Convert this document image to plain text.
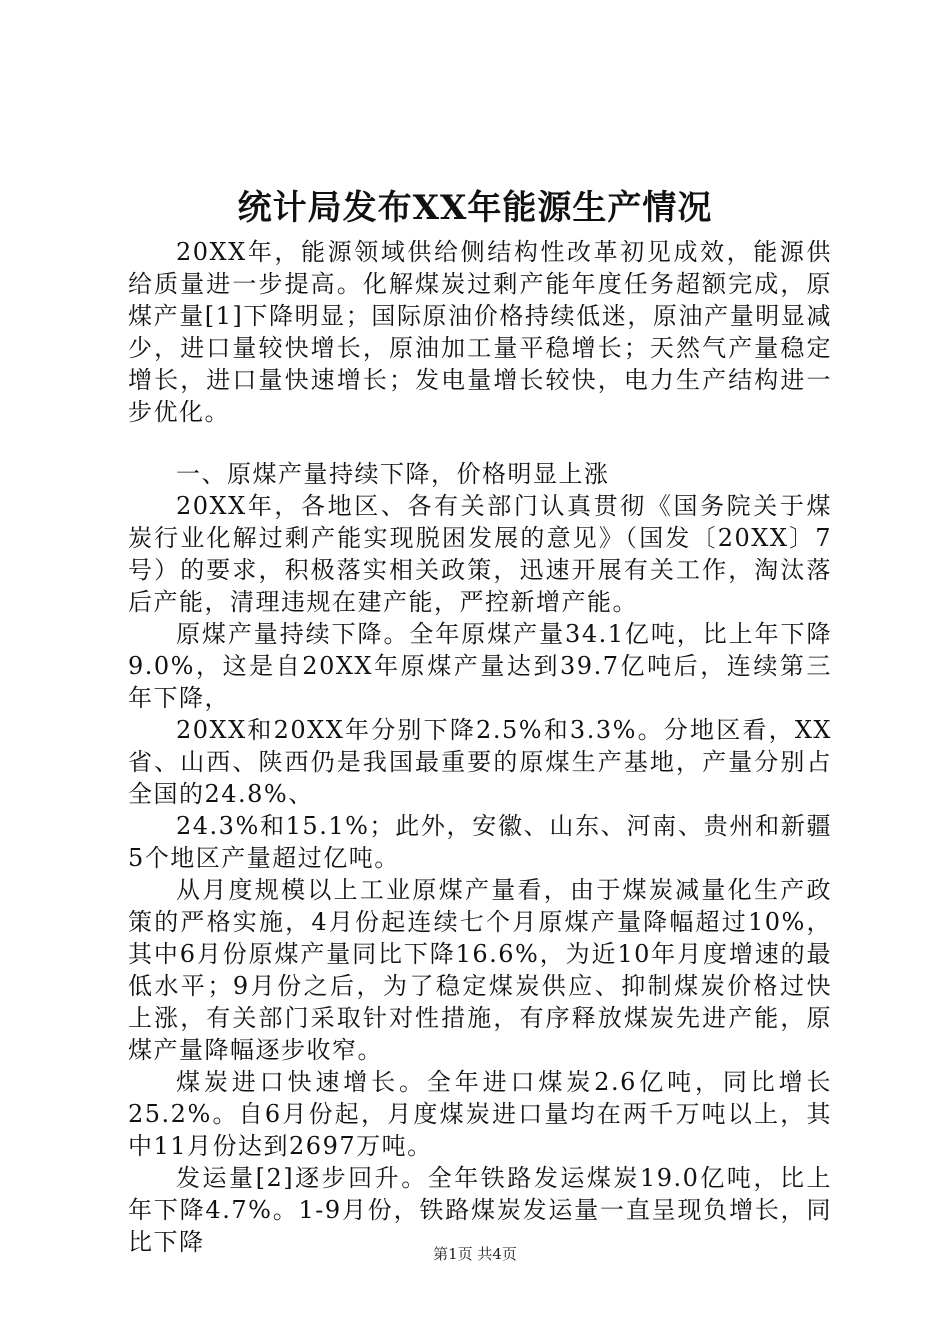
统计局发布XX年能源生产情况

20XX年，能源领域供给侧结构性改革初见成效，能源供给质量进一步提高。化解煤炭过剩产能年度任务超额完成，原煤产量[1]下降明显；国际原油价格持续低迷，原油产量明显减少，进口量较快增长，原油加工量平稳增长；天然气产量稳定增长，进口量快速增长；发电量增长较快，电力生产结构进一步优化。

一、原煤产量持续下降，价格明显上涨

20XX年，各地区、各有关部门认真贯彻《国务院关于煤炭行业化解过剩产能实现脱困发展的意见》（国发〔20XX〕7号）的要求，积极落实相关政策，迅速开展有关工作，淘汰落后产能，清理违规在建产能，严控新增产能。

原煤产量持续下降。全年原煤产量34.1亿吨，比上年下降9.0%，这是自20XX年原煤产量达到39.7亿吨后，连续第三年下降，

20XX和20XX年分别下降2.5%和3.3%。分地区看，XX省、山西、陕西仍是我国最重要的原煤生产基地，产量分别占全国的24.8%、

24.3%和15.1%；此外，安徽、山东、河南、贵州和新疆5个地区产量超过亿吨。

从月度规模以上工业原煤产量看，由于煤炭减量化生产政策的严格实施，4月份起连续七个月原煤产量降幅超过10%，其中6月份原煤产量同比下降16.6%，为近10年月度增速的最低水平；9月份之后，为了稳定煤炭供应、抑制煤炭价格过快上涨，有关部门采取针对性措施，有序释放煤炭先进产能，原煤产量降幅逐步收窄。

煤炭进口快速增长。全年进口煤炭2.6亿吨，同比增长25.2%。自6月份起，月度煤炭进口量均在两千万吨以上，其中11月份达到2697万吨。

发运量[2]逐步回升。全年铁路发运煤炭19.0亿吨，比上年下降4.7%。1-9月份，铁路煤炭发运量一直呈现负增长，同比下降	第1页 共4页
